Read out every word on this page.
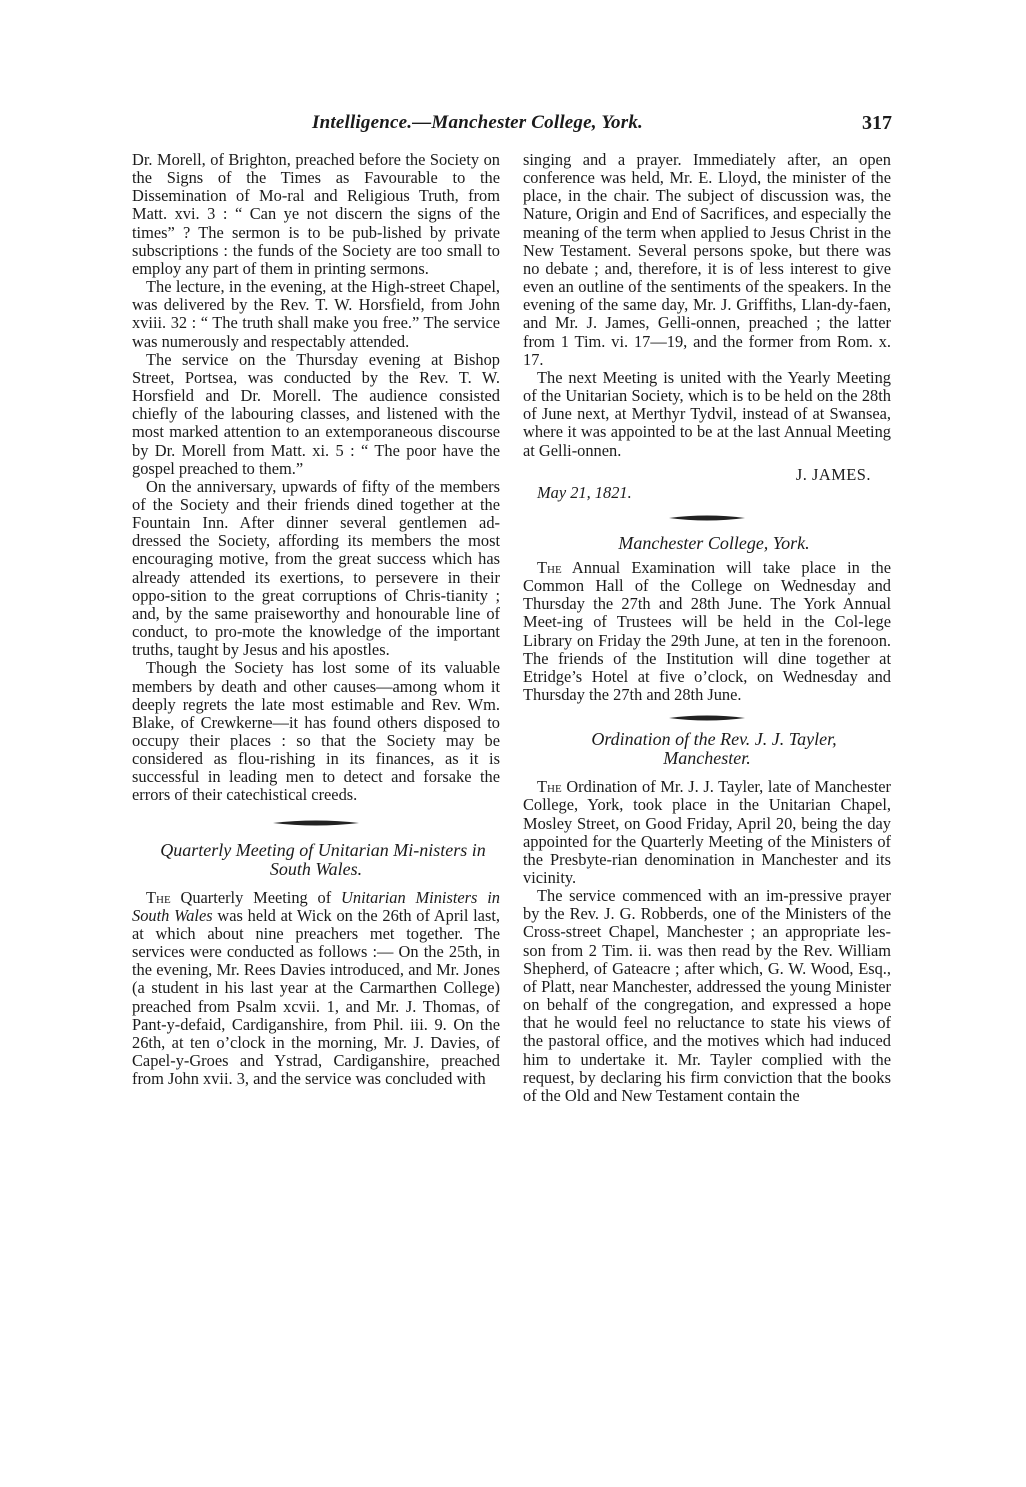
Intelligence.—Manchester College, York.	317

Dr. Morell, of Brighton, preached before the Society on the Signs of the Times as Favourable to the Dissemination of Mo-ral and Religious Truth, from Matt. xvi. 3 : “ Can ye not discern the signs of the times” ? The sermon is to be pub-lished by private subscriptions : the funds of the Society are too small to employ any part of them in printing sermons.

The lecture, in the evening, at the High-street Chapel, was delivered by the Rev. T. W. Horsfield, from John xviii. 32 : “ The truth shall make you free.” The service was numerously and respectably attended.

The service on the Thursday evening at Bishop Street, Portsea, was conducted by the Rev. T. W. Horsfield and Dr. Morell. The audience consisted chiefly of the labouring classes, and listened with the most marked attention to an extemporaneous discourse by Dr. Morell from Matt. xi. 5 : “ The poor have the gospel preached to them.”

On the anniversary, upwards of fifty of the members of the Society and their friends dined together at the Fountain Inn. After dinner several gentlemen ad-dressed the Society, affording its members the most encouraging motive, from the great success which has already attended its exertions, to persevere in their oppo-sition to the great corruptions of Chris-tianity ; and, by the same praiseworthy and honourable line of conduct, to pro-mote the knowledge of the important truths, taught by Jesus and his apostles.

Though the Society has lost some of its valuable members by death and other causes—among whom it deeply regrets the late most estimable and Rev. Wm. Blake, of Crewkerne—it has found others disposed to occupy their places : so that the Society may be considered as flou-rishing in its finances, as it is successful in leading men to detect and forsake the errors of their catechistical creeds.

Quarterly Meeting of Unitarian Mi-nisters in South Wales.

The Quarterly Meeting of Unitarian Ministers in South Wales was held at Wick on the 26th of April last, at which about nine preachers met together. The services were conducted as follows :— On the 25th, in the evening, Mr. Rees Davies introduced, and Mr. Jones (a student in his last year at the Carmarthen College) preached from Psalm xcvii. 1, and Mr. J. Thomas, of Pant-y-defaid, Cardiganshire, from Phil. iii. 9. On the 26th, at ten o’clock in the morning, Mr. J. Davies, of Capel-y-Groes and Ystrad, Cardiganshire, preached from John xvii. 3, and the service was concluded with

singing and a prayer. Immediately after, an open conference was held, Mr. E. Lloyd, the minister of the place, in the chair. The subject of discussion was, the Nature, Origin and End of Sacrifices, and especially the meaning of the term when applied to Jesus Christ in the New Testament. Several persons spoke, but there was no debate ; and, therefore, it is of less interest to give even an outline of the sentiments of the speakers. In the evening of the same day, Mr. J. Griffiths, Llan-dy-faen, and Mr. J. James, Gelli-onnen, preached ; the latter from 1 Tim. vi. 17—19, and the former from Rom. x. 17.

The next Meeting is united with the Yearly Meeting of the Unitarian Society, which is to be held on the 28th of June next, at Merthyr Tydvil, instead of at Swansea, where it was appointed to be at the last Annual Meeting at Gelli-onnen.

J. JAMES.

May 21, 1821.

Manchester College, York.

The Annual Examination will take place in the Common Hall of the College on Wednesday and Thursday the 27th and 28th June. The York Annual Meet-ing of Trustees will be held in the Col-lege Library on Friday the 29th June, at ten in the forenoon. The friends of the Institution will dine together at Etridge’s Hotel at five o’clock, on Wednesday and Thursday the 27th and 28th June.

Ordination of the Rev. J. J. Tayler, Manchester.

The Ordination of Mr. J. J. Tayler, late of Manchester College, York, took place in the Unitarian Chapel, Mosley Street, on Good Friday, April 20, being the day appointed for the Quarterly Meeting of the Ministers of the Presbyte-rian denomination in Manchester and its vicinity.

The service commenced with an im-pressive prayer by the Rev. J. G. Robberds, one of the Ministers of the Cross-street Chapel, Manchester ; an appropriate les-son from 2 Tim. ii. was then read by the Rev. William Shepherd, of Gateacre ; after which, G. W. Wood, Esq., of Platt, near Manchester, addressed the young Minister on behalf of the congregation, and expressed a hope that he would feel no reluctance to state his views of the pastoral office, and the motives which had induced him to undertake it. Mr. Tayler complied with the request, by declaring his firm conviction that the books of the Old and New Testament contain the
